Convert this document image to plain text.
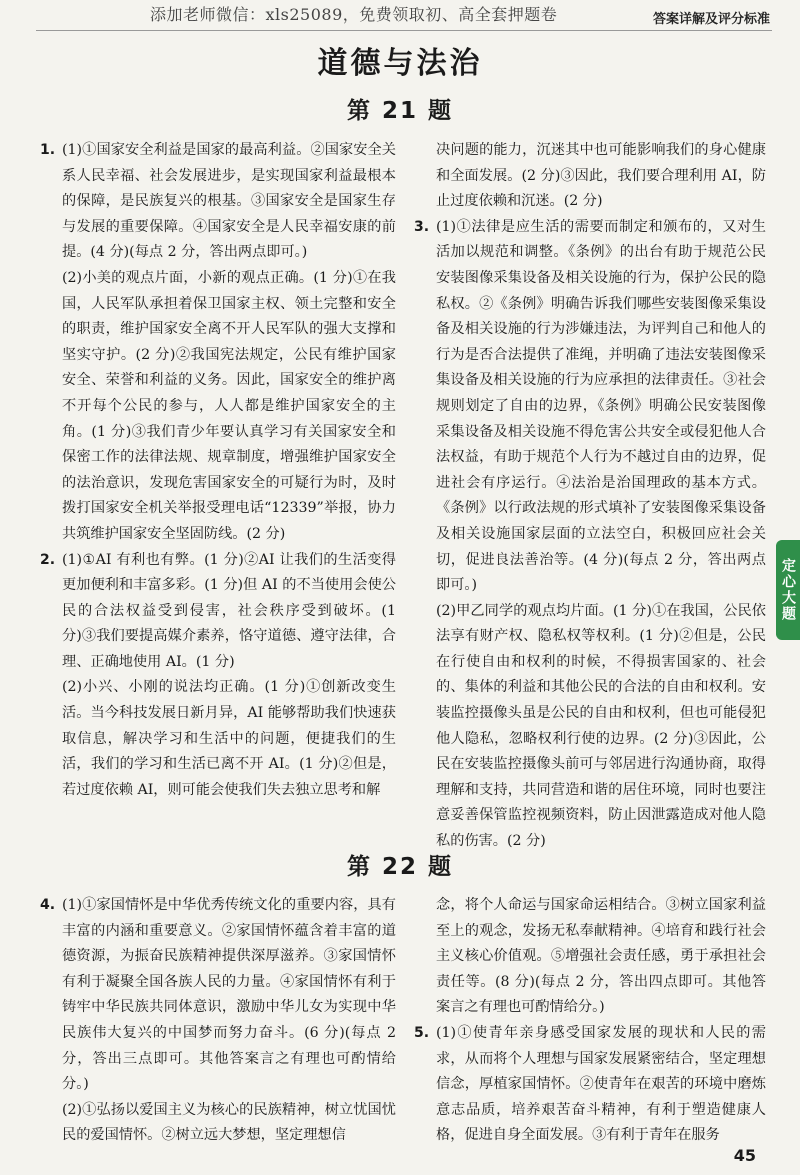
添加老师微信：xls25089，免费领取初、高全套押题卷	答案详解及评分标准
道德与法治
第 21 题
1. (1)①国家安全利益是国家的最高利益。②国家安全关系人民幸福、社会发展进步，是实现国家利益最根本的保障，是民族复兴的根基。③国家安全是国家生存与发展的重要保障。④国家安全是人民幸福安康的前提。(4 分)(每点 2 分，答出两点即可。)

(2)小美的观点片面，小新的观点正确。(1 分)①在我国，人民军队承担着保卫国家主权、领土完整和安全的职责，维护国家安全离不开人民军队的强大支撑和坚实守护。(2 分)②我国宪法规定，公民有维护国家安全、荣誉和利益的义务。因此，国家安全的维护离不开每个公民的参与，人人都是维护国家安全的主角。(1 分)③我们青少年要认真学习有关国家安全和保密工作的法律法规、规章制度，增强维护国家安全的法治意识，发现危害国家安全的可疑行为时，及时拨打国家安全机关举报受理电话“12339”举报，协力共筑维护国家安全坚固防线。(2 分)

2. (1)①AI 有利也有弊。(1 分)②AI 让我们的生活变得更加便利和丰富多彩。(1 分)但 AI 的不当使用会使公民的合法权益受到侵害，社会秩序受到破坏。(1 分)③我们要提高媒介素养，恪守道德、遵守法律，合理、正确地使用 AI。(1 分)

(2)小兴、小刚的说法均正确。(1 分)①创新改变生活。当今科技发展日新月异，AI 能够帮助我们快速获取信息，解决学习和生活中的问题，便捷我们的生活，我们的学习和生活已离不开 AI。(1 分)②但是，若过度依赖 AI，则可能会使我们失去独立思考和解

决问题的能力，沉迷其中也可能影响我们的身心健康和全面发展。(2 分)③因此，我们要合理利用 AI，防止过度依赖和沉迷。(2 分)

3. (1)①法律是应生活的需要而制定和颁布的，又对生活加以规范和调整。《条例》的出台有助于规范公民安装图像采集设备及相关设施的行为，保护公民的隐私权。②《条例》明确告诉我们哪些安装图像采集设备及相关设施的行为涉嫌违法，为评判自己和他人的行为是否合法提供了准绳，并明确了违法安装图像采集设备及相关设施的行为应承担的法律责任。③社会规则划定了自由的边界，《条例》明确公民安装图像采集设备及相关设施不得危害公共安全或侵犯他人合法权益，有助于规范个人行为不越过自由的边界，促进社会有序运行。④法治是治国理政的基本方式。《条例》以行政法规的形式填补了安装图像采集设备及相关设施国家层面的立法空白，积极回应社会关切，促进良法善治等。(4 分)(每点 2 分，答出两点即可。)

(2)甲乙同学的观点均片面。(1 分)①在我国，公民依法享有财产权、隐私权等权利。(1 分)②但是，公民在行使自由和权利的时候，不得损害国家的、社会的、集体的利益和其他公民的合法的自由和权利。安装监控摄像头虽是公民的自由和权利，但也可能侵犯他人隐私，忽略权利行使的边界。(2 分)③因此，公民在安装监控摄像头前可与邻居进行沟通协商，取得理解和支持，共同营造和谐的居住环境，同时也要注意妥善保管监控视频资料，防止因泄露造成对他人隐私的伤害。(2 分)

第 22 题
4. (1)①家国情怀是中华优秀传统文化的重要内容，具有丰富的内涵和重要意义。②家国情怀蕴含着丰富的道德资源，为振奋民族精神提供深厚滋养。③家国情怀有利于凝聚全国各族人民的力量。④家国情怀有利于铸牢中华民族共同体意识，激励中华儿女为实现中华民族伟大复兴的中国梦而努力奋斗。(6 分)(每点 2 分，答出三点即可。其他答案言之有理也可酌情给分。)

(2)①弘扬以爱国主义为核心的民族精神，树立忧国忧民的爱国情怀。②树立远大梦想，坚定理想信

念，将个人命运与国家命运相结合。③树立国家利益至上的观念，发扬无私奉献精神。④培育和践行社会主义核心价值观。⑤增强社会责任感，勇于承担社会责任等。(8 分)(每点 2 分，答出四点即可。其他答案言之有理也可酌情给分。)

5. (1)①使青年亲身感受国家发展的现状和人民的需求，从而将个人理想与国家发展紧密结合，坚定理想信念，厚植家国情怀。②使青年在艰苦的环境中磨炼意志品质，培养艰苦奋斗精神，有利于塑造健康人格，促进自身全面发展。③有利于青年在服务

定心大题
45
